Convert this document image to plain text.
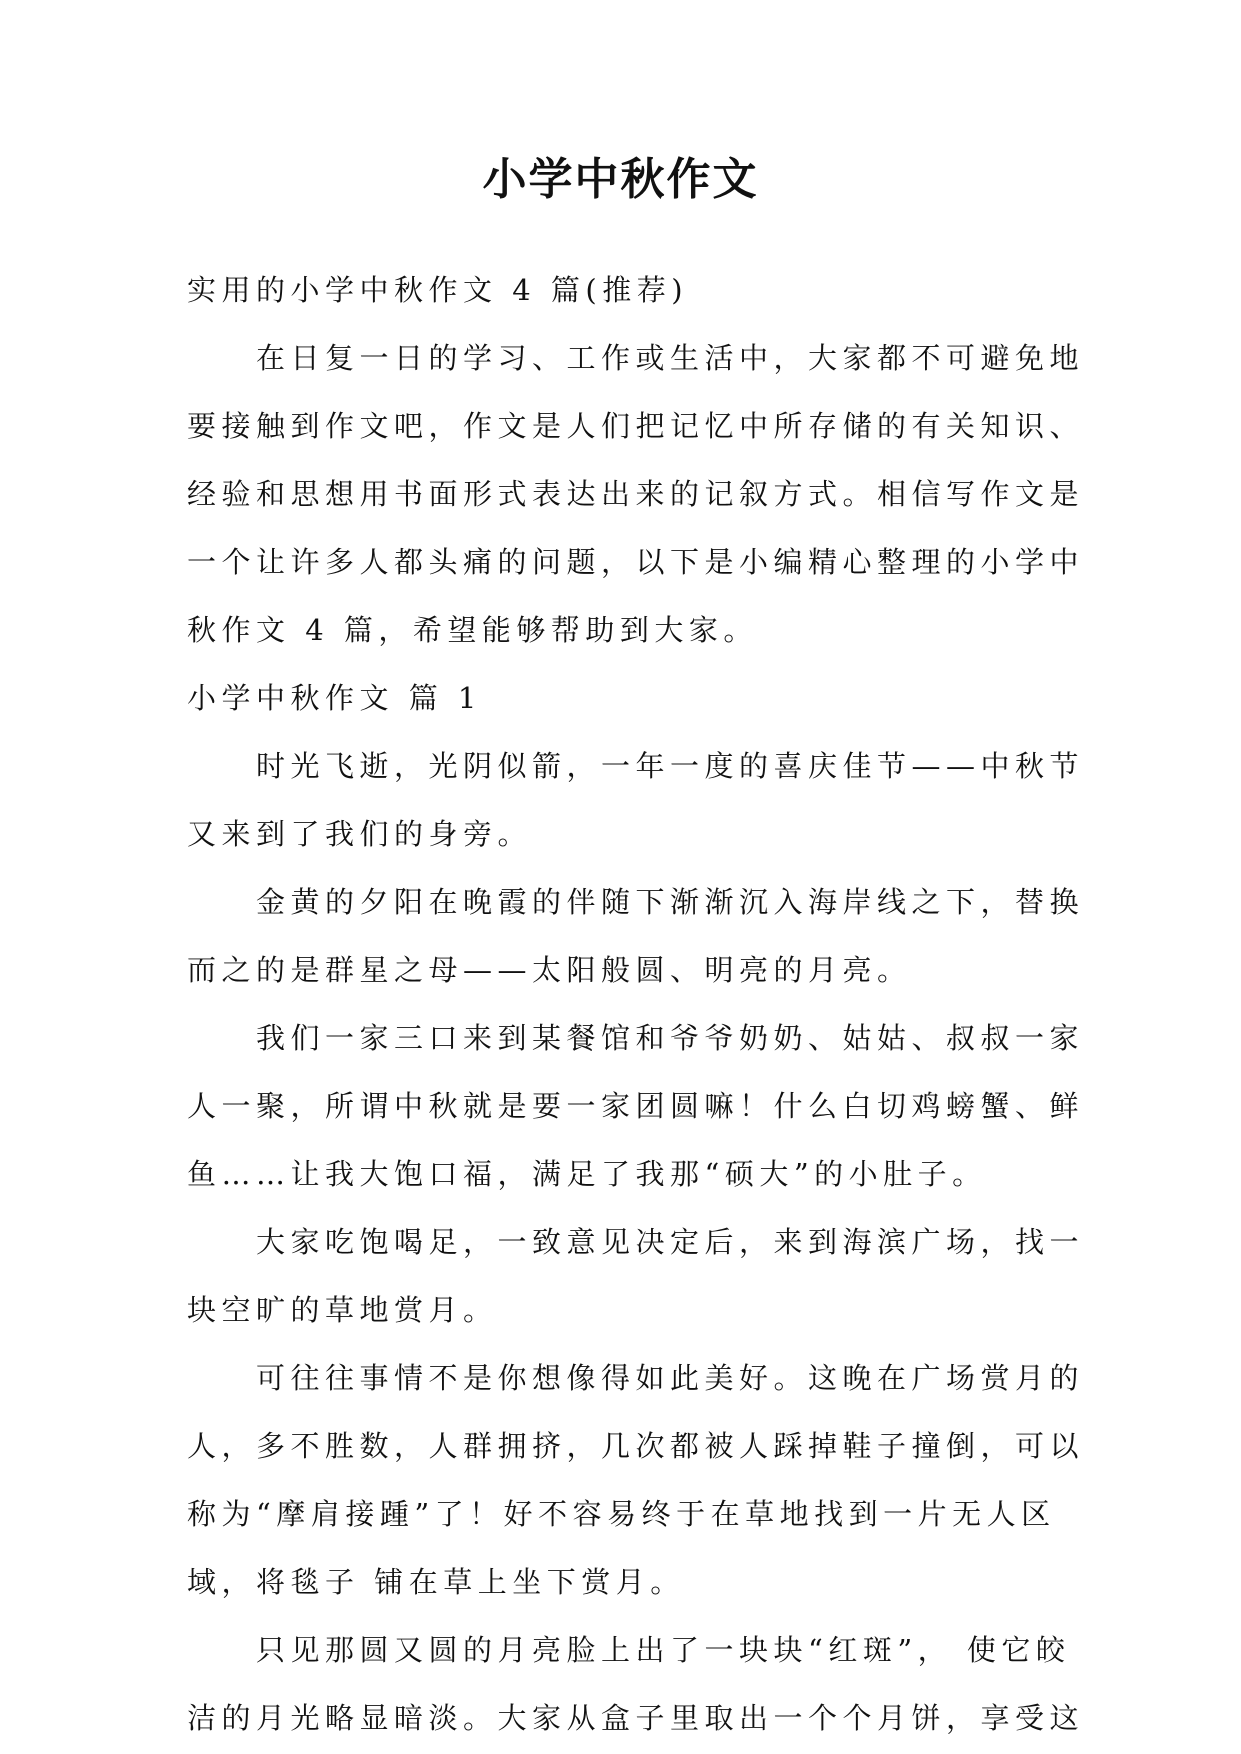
小学中秋作文
实用的小学中秋作文 4 篇(推荐)
在日复一日的学习、工作或生活中，大家都不可避免地
要接触到作文吧，作文是人们把记忆中所存储的有关知识、
经验和思想用书面形式表达出来的记叙方式。相信写作文是
一个让许多人都头痛的问题，以下是小编精心整理的小学中
秋作文 4 篇，希望能够帮助到大家。
小学中秋作文 篇 1
时光飞逝，光阴似箭，一年一度的喜庆佳节——中秋节
又来到了我们的身旁。
金黄的夕阳在晚霞的伴随下渐渐沉入海岸线之下，替换
而之的是群星之母——太阳般圆、明亮的月亮。
我们一家三口来到某餐馆和爷爷奶奶、姑姑、叔叔一家
人一聚，所谓中秋就是要一家团圆嘛！什么白切鸡螃蟹、鲜
鱼……让我大饱口福，满足了我那“硕大”的小肚子。
大家吃饱喝足，一致意见决定后，来到海滨广场，找一
块空旷的草地赏月。
可往往事情不是你想像得如此美好。这晚在广场赏月的
人，多不胜数，人群拥挤，几次都被人踩掉鞋子撞倒，可以
称为“摩肩接踵”了！好不容易终于在草地找到一片无人区
域，将毯子 铺在草上坐下赏月。
只见那圆又圆的月亮脸上出了一块块“红斑”， 使它皎
洁的月光略显暗淡。大家从盒子里取出一个个月饼，享受这
